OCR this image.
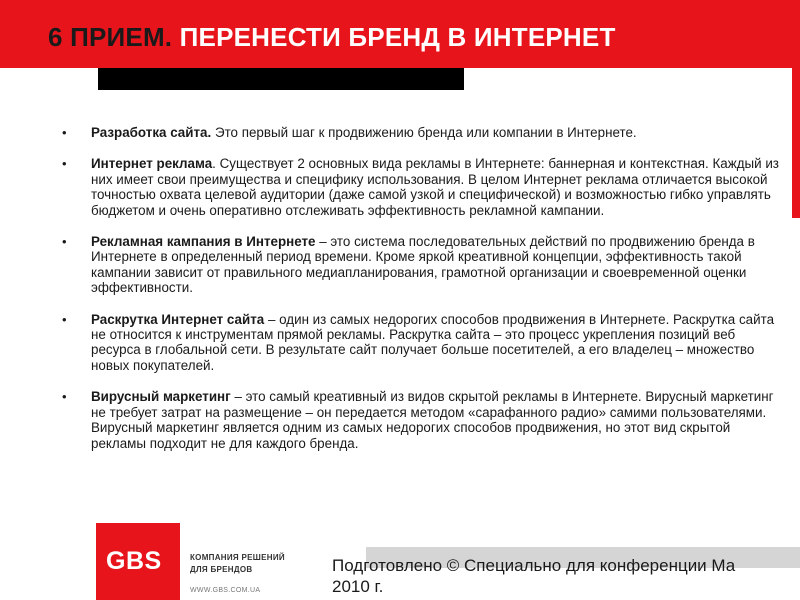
6 ПРИЕМ. ПЕРЕНЕСТИ БРЕНД В ИНТЕРНЕТ
• Разработка сайта. Это первый шаг к продвижению бренда или компании в Интернете.
• Интернет реклама. Существует 2 основных вида рекламы в Интернете: баннерная и контекстная. Каждый из них имеет свои преимущества и специфику использования. В целом Интернет реклама отличается высокой точностью охвата целевой аудитории (даже самой узкой и специфической) и возможностью гибко управлять бюджетом и очень оперативно отслеживать эффективность рекламной кампании.
• Рекламная кампания в Интернете – это система последовательных действий по продвижению бренда в Интернете в определенный период времени. Кроме яркой креативной концепции, эффективность такой кампании зависит от правильного медиапланирования, грамотной организации и своевременной оценки эффективности.
• Раскрутка Интернет сайта – один из самых недорогих способов продвижения в Интернете. Раскрутка сайта не относится к инструментам прямой рекламы. Раскрутка сайта – это процесс укрепления позиций веб ресурса в глобальной сети. В результате сайт получает больше посетителей, а его владелец – множество новых покупателей.
• Вирусный маркетинг – это самый креативный из видов скрытой рекламы в Интернете. Вирусный маркетинг не требует затрат на размещение – он передается методом «сарафанного радио» самими пользователями. Вирусный маркетинг является одним из самых недорогих способов продвижения, но этот вид скрытой рекламы подходит не для каждого бренда.
GBS	КОМПАНИЯ РЕШЕНИЙ
ДЛЯ БРЕНДОВ
WWW.GBS.COM.UA
Подготовлено © Специально для конференции Ма
2010 г.
